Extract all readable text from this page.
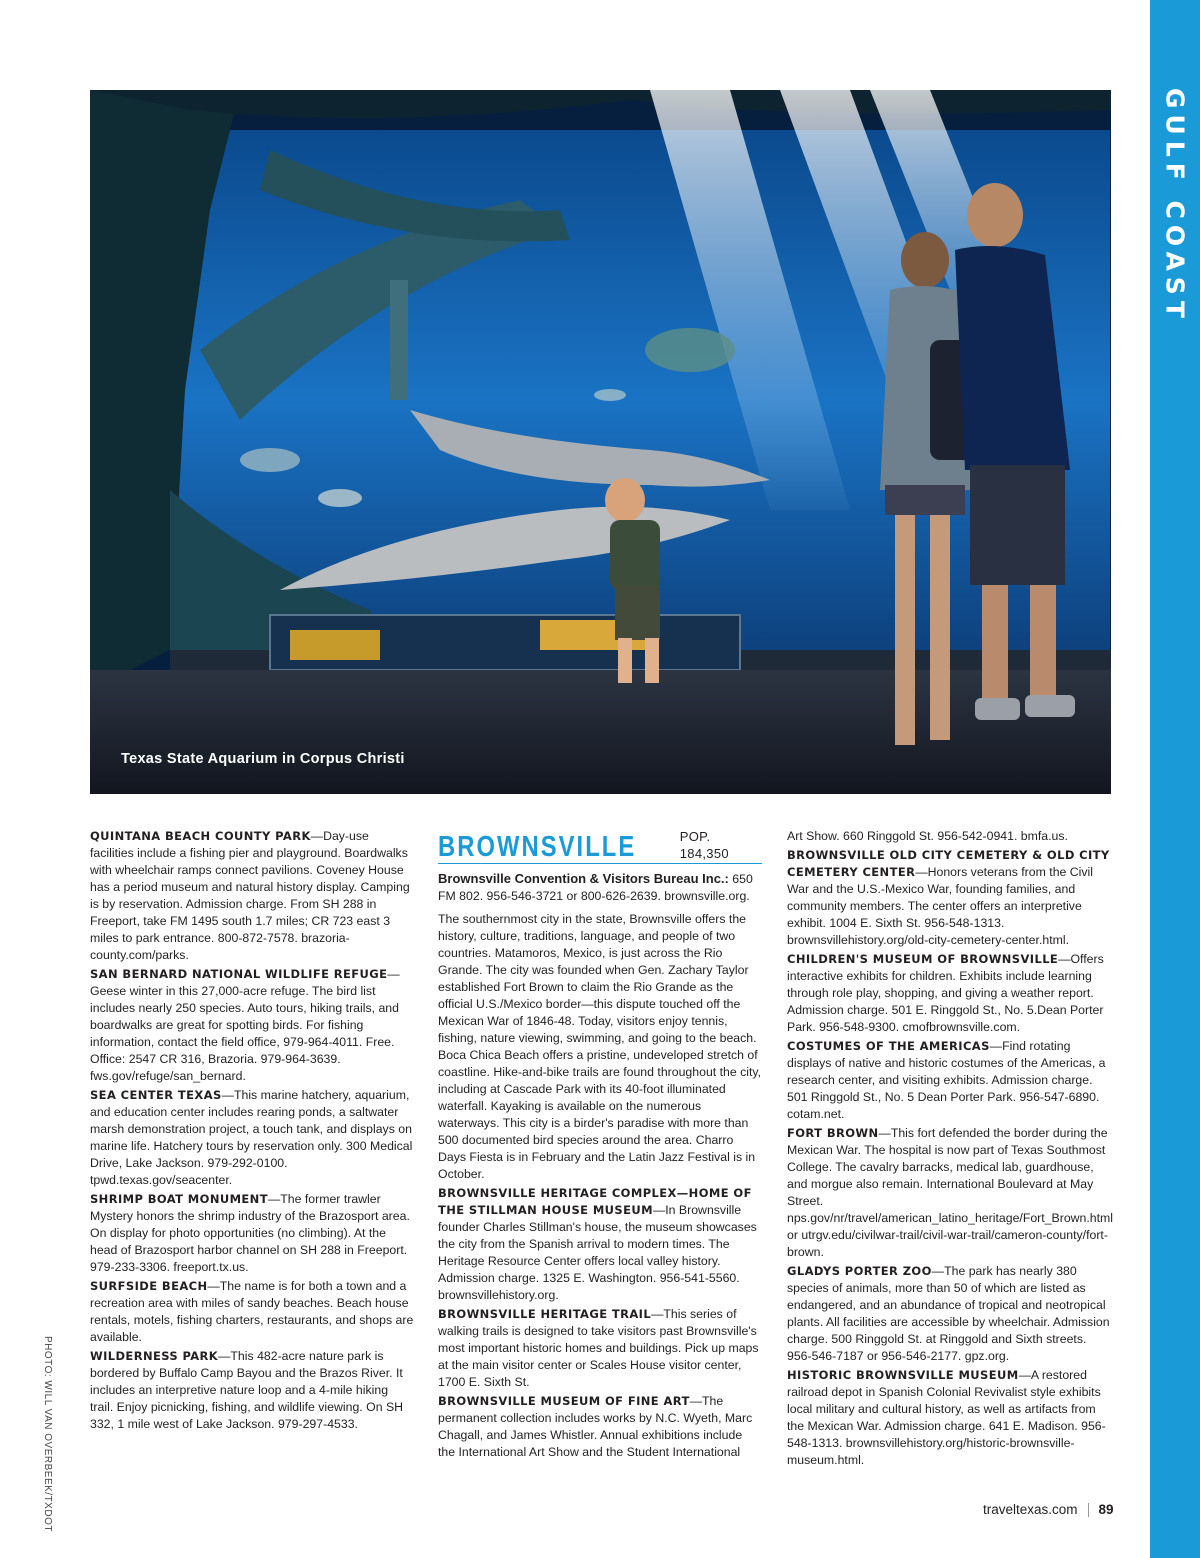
GULF COAST
PHOTO: WILL VAN OVERBEEK/TXDOT
Texas State Aquarium in Corpus Christi
QUINTANA BEACH COUNTY PARK—Day-use facilities include a fishing pier and playground. Boardwalks with wheelchair ramps connect pavilions. Coveney House has a period museum and natural history display. Camping is by reservation. Admission charge. From SH 288 in Freeport, take FM 1495 south 1.7 miles; CR 723 east 3 miles to park entrance. 800-872-7578. brazoria-county.com/parks.
SAN BERNARD NATIONAL WILDLIFE REFUGE—Geese winter in this 27,000-acre refuge. The bird list includes nearly 250 species. Auto tours, hiking trails, and boardwalks are great for spotting birds. For fishing information, contact the field office, 979-964-4011. Free. Office: 2547 CR 316, Brazoria. 979-964-3639. fws.gov/refuge/san_bernard.
SEA CENTER TEXAS—This marine hatchery, aquarium, and education center includes rearing ponds, a saltwater marsh demonstration project, a touch tank, and displays on marine life. Hatchery tours by reservation only. 300 Medical Drive, Lake Jackson. 979-292-0100. tpwd.texas.gov/seacenter.
SHRIMP BOAT MONUMENT—The former trawler Mystery honors the shrimp industry of the Brazosport area. On display for photo opportunities (no climbing). At the head of Brazosport harbor channel on SH 288 in Freeport. 979-233-3306. freeport.tx.us.
SURFSIDE BEACH—The name is for both a town and a recreation area with miles of sandy beaches. Beach house rentals, motels, fishing charters, restaurants, and shops are available.
WILDERNESS PARK—This 482-acre nature park is bordered by Buffalo Camp Bayou and the Brazos River. It includes an interpretive nature loop and a 4-mile hiking trail. Enjoy picnicking, fishing, and wildlife viewing. On SH 332, 1 mile west of Lake Jackson. 979-297-4533.
BROWNSVILLE	POP. 184,350
Brownsville Convention & Visitors Bureau Inc.: 650 FM 802. 956-546-3721 or 800-626-2639. brownsville.org.
The southernmost city in the state, Brownsville offers the history, culture, traditions, language, and people of two countries. Matamoros, Mexico, is just across the Rio Grande. The city was founded when Gen. Zachary Taylor established Fort Brown to claim the Rio Grande as the official U.S./Mexico border—this dispute touched off the Mexican War of 1846-48. Today, visitors enjoy tennis, fishing, nature viewing, swimming, and going to the beach. Boca Chica Beach offers a pristine, undeveloped stretch of coastline. Hike-and-bike trails are found throughout the city, including at Cascade Park with its 40-foot illuminated waterfall. Kayaking is available on the numerous waterways. This city is a birder's paradise with more than 500 documented bird species around the area. Charro Days Fiesta is in February and the Latin Jazz Festival is in October.
BROWNSVILLE HERITAGE COMPLEX—HOME OF THE STILLMAN HOUSE MUSEUM—In Brownsville founder Charles Stillman's house, the museum showcases the city from the Spanish arrival to modern times. The Heritage Resource Center offers local valley history. Admission charge. 1325 E. Washington. 956-541-5560. brownsvillehistory.org.
BROWNSVILLE HERITAGE TRAIL—This series of walking trails is designed to take visitors past Brownsville's most important historic homes and buildings. Pick up maps at the main visitor center or Scales House visitor center, 1700 E. Sixth St.
BROWNSVILLE MUSEUM OF FINE ART—The permanent collection includes works by N.C. Wyeth, Marc Chagall, and James Whistler. Annual exhibitions include the International Art Show and the Student International
Art Show. 660 Ringgold St. 956-542-0941. bmfa.us.
BROWNSVILLE OLD CITY CEMETERY & OLD CITY CEMETERY CENTER—Honors veterans from the Civil War and the U.S.-Mexico War, founding families, and community members. The center offers an interpretive exhibit. 1004 E. Sixth St. 956-548-1313. brownsvillehistory.org/old-city-cemetery-center.html.
CHILDREN'S MUSEUM OF BROWNSVILLE—Offers interactive exhibits for children. Exhibits include learning through role play, shopping, and giving a weather report. Admission charge. 501 E. Ringgold St., No. 5.Dean Porter Park. 956-548-9300. cmofbrownsville.com.
COSTUMES OF THE AMERICAS—Find rotating displays of native and historic costumes of the Americas, a research center, and visiting exhibits. Admission charge. 501 Ringgold St., No. 5 Dean Porter Park. 956-547-6890. cotam.net.
FORT BROWN—This fort defended the border during the Mexican War. The hospital is now part of Texas Southmost College. The cavalry barracks, medical lab, guardhouse, and morgue also remain. International Boulevard at May Street. nps.gov/nr/travel/american_latino_heritage/Fort_Brown.html or utrgv.edu/civilwar-trail/civil-war-trail/cameron-county/fort-brown.
GLADYS PORTER ZOO—The park has nearly 380 species of animals, more than 50 of which are listed as endangered, and an abundance of tropical and neotropical plants. All facilities are accessible by wheelchair. Admission charge. 500 Ringgold St. at Ringgold and Sixth streets. 956-546-7187 or 956-546-2177. gpz.org.
HISTORIC BROWNSVILLE MUSEUM—A restored railroad depot in Spanish Colonial Revivalist style exhibits local military and cultural history, as well as artifacts from the Mexican War. Admission charge. 641 E. Madison. 956-548-1313. brownsvillehistory.org/historic-brownsville-museum.html.
traveltexas.com 89
